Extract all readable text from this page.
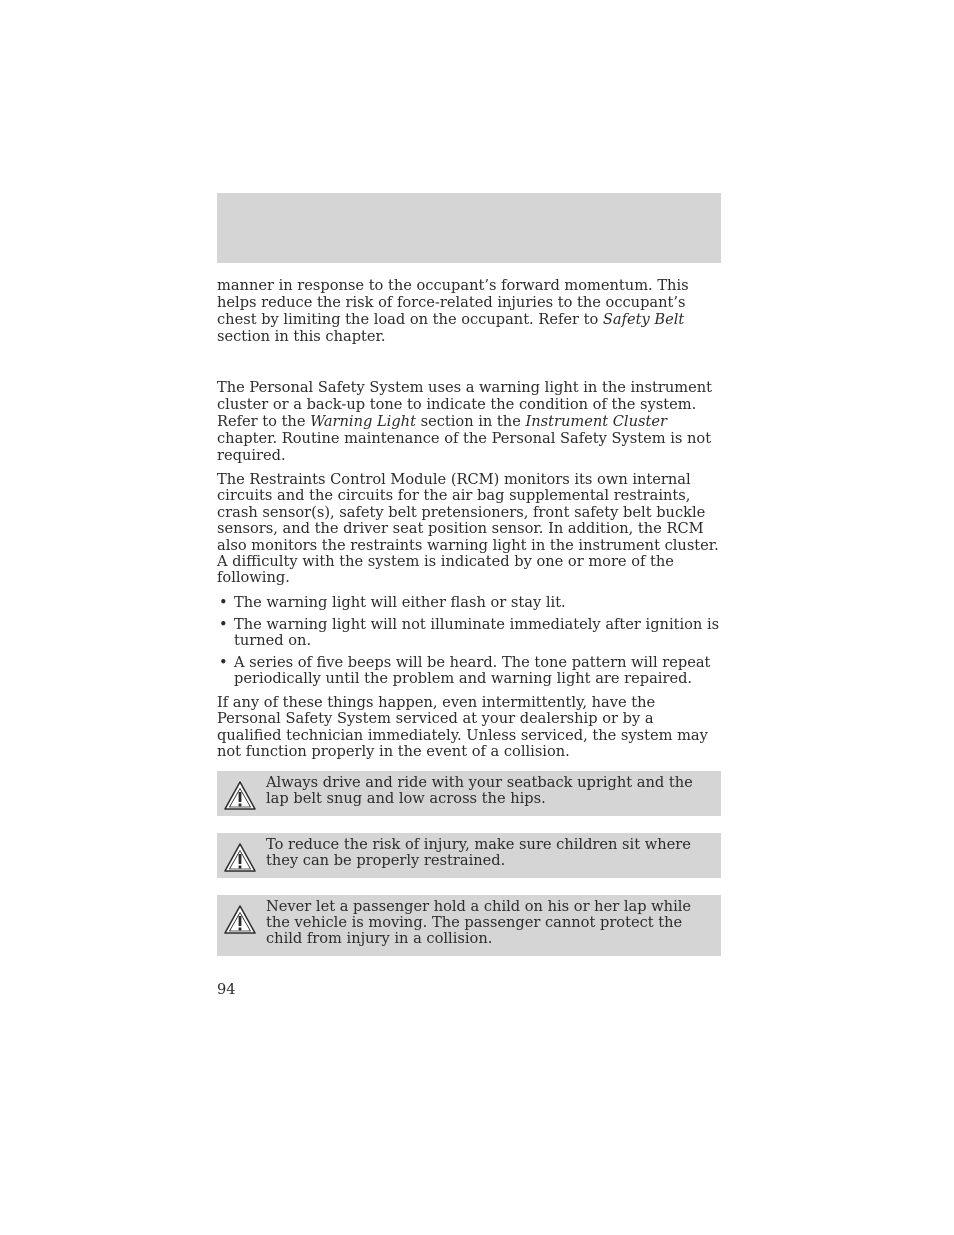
manner in response to the occupant’s forward momentum. This helps reduce the risk of force-related injuries to the occupant’s chest by limiting the load on the occupant. Refer to Safety Belt section in this chapter.

The Personal Safety System uses a warning light in the instrument cluster or a back-up tone to indicate the condition of the system. Refer to the Warning Light section in the Instrument Cluster chapter. Routine maintenance of the Personal Safety System is not required.

The Restraints Control Module (RCM) monitors its own internal circuits and the circuits for the air bag supplemental restraints, crash sensor(s), safety belt pretensioners, front safety belt buckle sensors, and the driver seat position sensor. In addition, the RCM also monitors the restraints warning light in the instrument cluster. A difficulty with the system is indicated by one or more of the following.

• The warning light will either flash or stay lit.
• The warning light will not illuminate immediately after ignition is turned on.
• A series of five beeps will be heard. The tone pattern will repeat periodically until the problem and warning light are repaired.

If any of these things happen, even intermittently, have the Personal Safety System serviced at your dealership or by a qualified technician immediately. Unless serviced, the system may not function properly in the event of a collision.

Always drive and ride with your seatback upright and the lap belt snug and low across the hips.
To reduce the risk of injury, make sure children sit where they can be properly restrained.
Never let a passenger hold a child on his or her lap while the vehicle is moving. The passenger cannot protect the child from injury in a collision.
94
